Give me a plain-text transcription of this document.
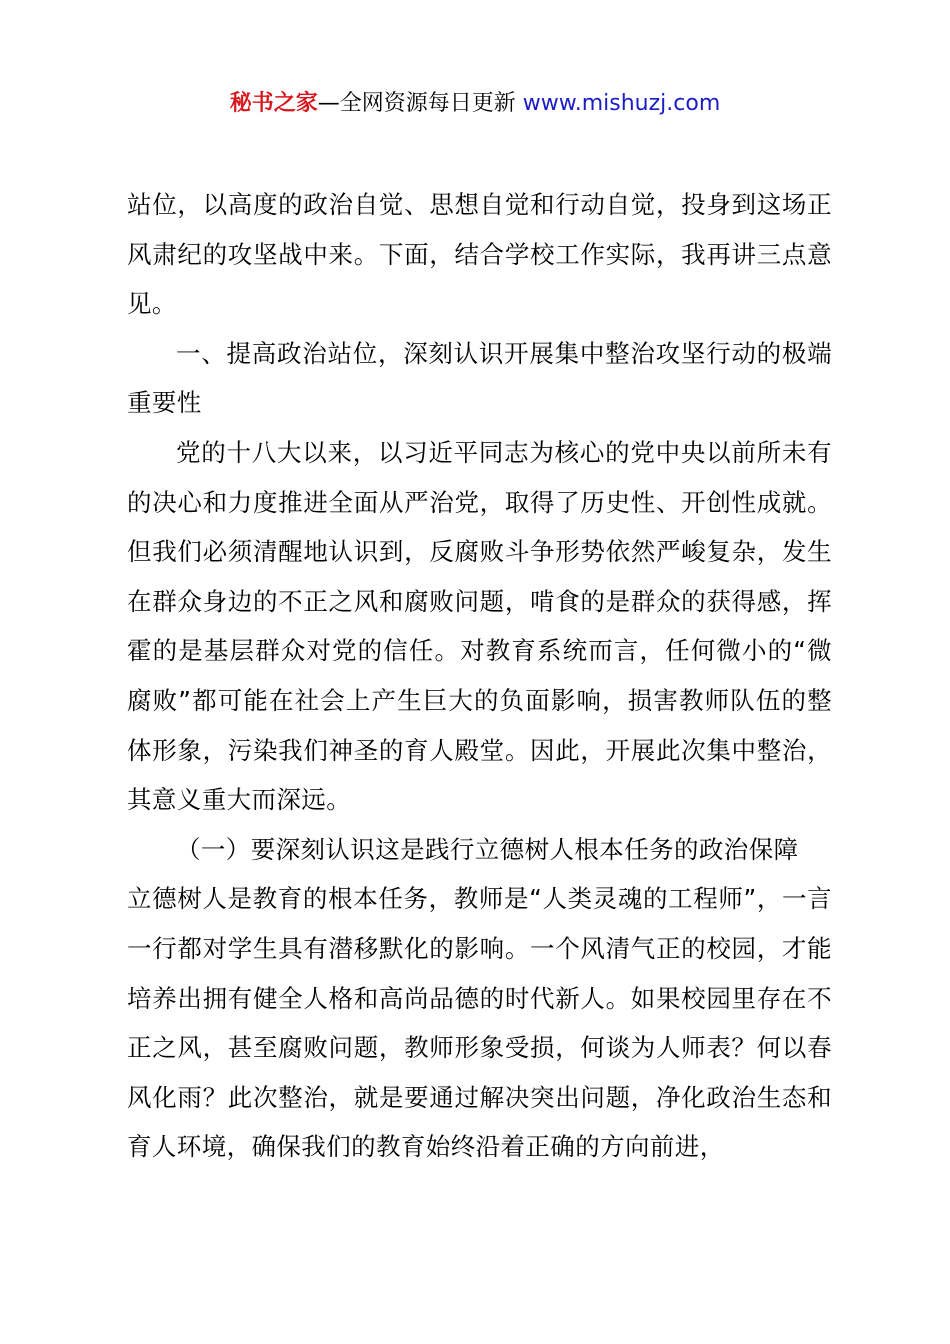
秘书之家—全网资源每日更新 www.mishuzj.com

站位，以高度的政治自觉、思想自觉和行动自觉，投身到这场正风肃纪的攻坚战中来。下面，结合学校工作实际，我再讲三点意见。

一、提高政治站位，深刻认识开展集中整治攻坚行动的极端重要性

党的十八大以来，以习近平同志为核心的党中央以前所未有的决心和力度推进全面从严治党，取得了历史性、开创性成就。但我们必须清醒地认识到，反腐败斗争形势依然严峻复杂，发生在群众身边的不正之风和腐败问题，啃食的是群众的获得感，挥霍的是基层群众对党的信任。对教育系统而言，任何微小的“微腐败”都可能在社会上产生巨大的负面影响，损害教师队伍的整体形象，污染我们神圣的育人殿堂。因此，开展此次集中整治，其意义重大而深远。

（一）要深刻认识这是践行立德树人根本任务的政治保障

立德树人是教育的根本任务，教师是“人类灵魂的工程师”，一言一行都对学生具有潜移默化的影响。一个风清气正的校园，才能培养出拥有健全人格和高尚品德的时代新人。如果校园里存在不正之风，甚至腐败问题，教师形象受损，何谈为人师表？何以春风化雨？此次整治，就是要通过解决突出问题，净化政治生态和育人环境，确保我们的教育始终沿着正确的方向前进，
